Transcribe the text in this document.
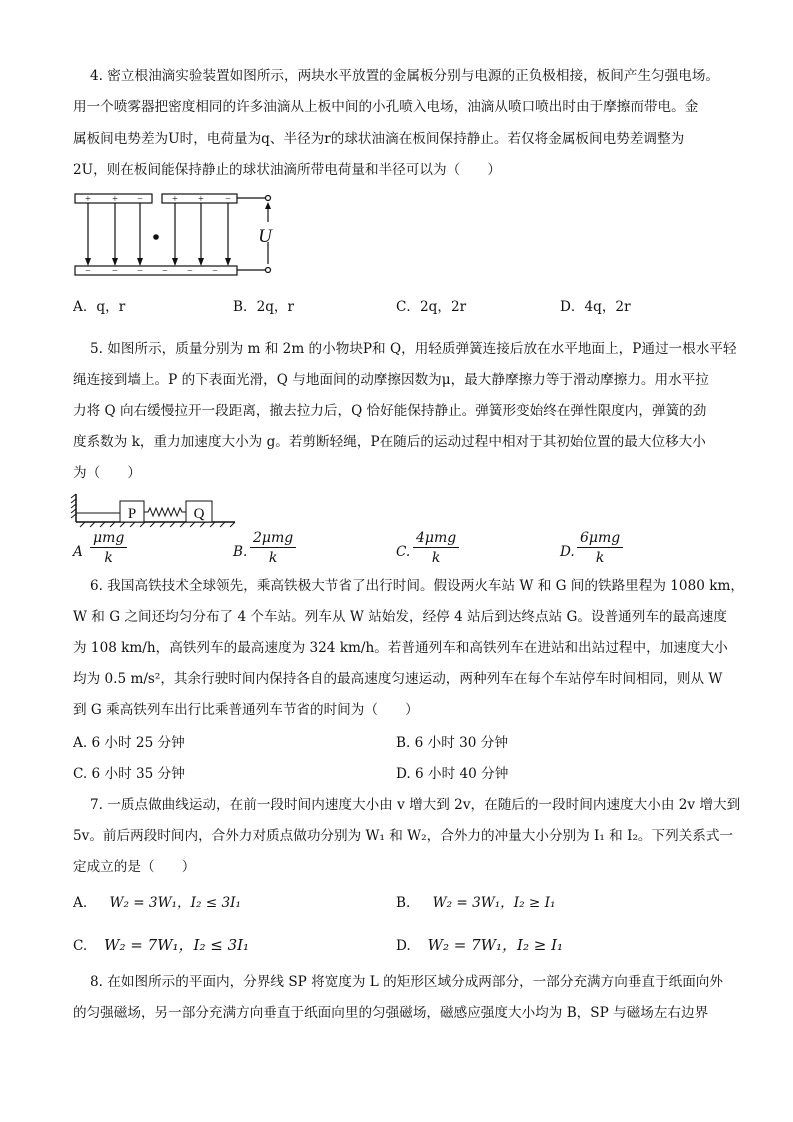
4. 密立根油滴实验装置如图所示，两块水平放置的金属板分别与电源的正负极相接，板间产生匀强电场。
用一个喷雾器把密度相同的许多油滴从上板中间的小孔喷入电场，油滴从喷口喷出时由于摩擦而带电。金
属板间电势差为U时，电荷量为q、半径为r的球状油滴在板间保持静止。若仅将金属板间电势差调整为
2U，则在板间能保持静止的球状油滴所带电荷量和半径可以为（　　）
+ + −	+ + −
− − − − − −
U
A．q，r	B．2q，r	C．2q，2r	D．4q，2r
5. 如图所示，质量分别为 m 和 2m 的小物块P和 Q，用轻质弹簧连接后放在水平地面上，P通过一根水平轻
绳连接到墙上。P 的下表面光滑，Q 与地面间的动摩擦因数为μ，最大静摩擦力等于滑动摩擦力。用水平拉
力将 Q 向右缓慢拉开一段距离，撤去拉力后，Q 恰好能保持静止。弹簧形变始终在弹性限度内，弹簧的劲
度系数为 k，重力加速度大小为 g。若剪断轻绳，P在随后的运动过程中相对于其初始位置的最大位移大小
为（　　）
P	Q
A
μmg
k	B.
2μmg
k	C.
4μmg
k	D.
6μmg
k
6. 我国高铁技术全球领先，乘高铁极大节省了出行时间。假设两火车站 W 和 G 间的铁路里程为 1080 km，
W 和 G 之间还均匀分布了 4 个车站。列车从 W 站始发，经停 4 站后到达终点站 G。设普通列车的最高速度
为 108 km/h，高铁列车的最高速度为 324 km/h。若普通列车和高铁列车在进站和出站过程中，加速度大小
均为 0.5 m/s²，其余行驶时间内保持各自的最高速度匀速运动，两种列车在每个车站停车时间相同，则从 W
到 G 乘高铁列车出行比乘普通列车节省的时间为（　　）
A. 6 小时 25 分钟	B. 6 小时 30 分钟
C. 6 小时 35 分钟	D. 6 小时 40 分钟
7. 一质点做曲线运动，在前一段时间内速度大小由 v 增大到 2v，在随后的一段时间内速度大小由 2v 增大到
5v。前后两段时间内，合外力对质点做功分别为 W₁ 和 W₂，合外力的冲量大小分别为 I₁ 和 I₂。下列关系式一
定成立的是（　　）
A. W₂ = 3W₁，I₂ ≤ 3I₁	B. W₂ = 3W₁，I₂ ≥ I₁
C. W₂ = 7W₁，I₂ ≤ 3I₁	D. W₂ = 7W₁，I₂ ≥ I₁
8. 在如图所示的平面内，分界线 SP 将宽度为 L 的矩形区域分成两部分，一部分充满方向垂直于纸面向外
的匀强磁场，另一部分充满方向垂直于纸面向里的匀强磁场，磁感应强度大小均为 B，SP 与磁场左右边界
